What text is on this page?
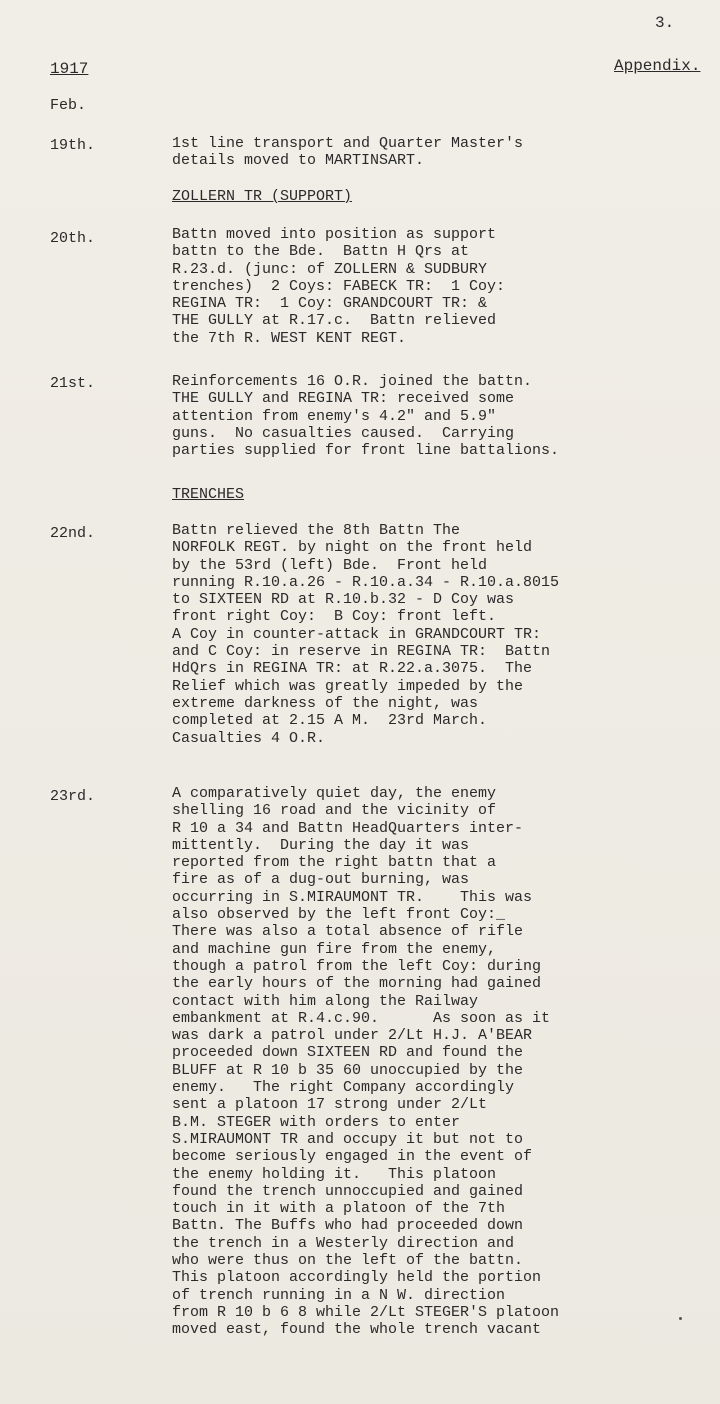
3.
1917	Appendix.
Feb.
19th.	1st line transport and Quarter Master's
details moved to MARTINSART.
ZOLLERN TR (SUPPORT)
20th.	Battn moved into position as support
battn to the Bde.  Battn H Qrs at
R.23.d. (junc: of ZOLLERN & SUDBURY
trenches)  2 Coys: FABECK TR:  1 Coy:
REGINA TR:  1 Coy: GRANDCOURT TR: &
THE GULLY at R.17.c.  Battn relieved
the 7th R. WEST KENT REGT.
21st.	Reinforcements 16 O.R. joined the battn.
THE GULLY and REGINA TR: received some
attention from enemy's 4.2" and 5.9"
guns.  No casualties caused.  Carrying
parties supplied for front line battalions.
TRENCHES
22nd.	Battn relieved the 8th Battn The
NORFOLK REGT. by night on the front held
by the 53rd (left) Bde.  Front held
running R.10.a.26 - R.10.a.34 - R.10.a.8015
to SIXTEEN RD at R.10.b.32 - D Coy was
front right Coy:  B Coy: front left.
A Coy in counter-attack in GRANDCOURT TR:
and C Coy: in reserve in REGINA TR:  Battn
HdQrs in REGINA TR: at R.22.a.3075.  The
Relief which was greatly impeded by the
extreme darkness of the night, was
completed at 2.15 A M.  23rd March.
Casualties 4 O.R.
23rd.	A comparatively quiet day, the enemy
shelling 16 road and the vicinity of
R 10 a 34 and Battn HeadQuarters inter-
mittently.  During the day it was
reported from the right battn that a
fire as of a dug-out burning, was
occurring in S.MIRAUMONT TR.    This was
also observed by the left front Coy:_
There was also a total absence of rifle
and machine gun fire from the enemy,
though a patrol from the left Coy: during
the early hours of the morning had gained
contact with him along the Railway
embankment at R.4.c.90.      As soon as it
was dark a patrol under 2/Lt H.J. A'BEAR
proceeded down SIXTEEN RD and found the
BLUFF at R 10 b 35 60 unoccupied by the
enemy.   The right Company accordingly
sent a platoon 17 strong under 2/Lt
B.M. STEGER with orders to enter
S.MIRAUMONT TR and occupy it but not to
become seriously engaged in the event of
the enemy holding it.   This platoon
found the trench unnoccupied and gained
touch in it with a platoon of the 7th
Battn. The Buffs who had proceeded down
the trench in a Westerly direction and
who were thus on the left of the battn.
This platoon accordingly held the portion
of trench running in a N W. direction
from R 10 b 6 8 while 2/Lt STEGER'S platoon
moved east, found the whole trench vacant
